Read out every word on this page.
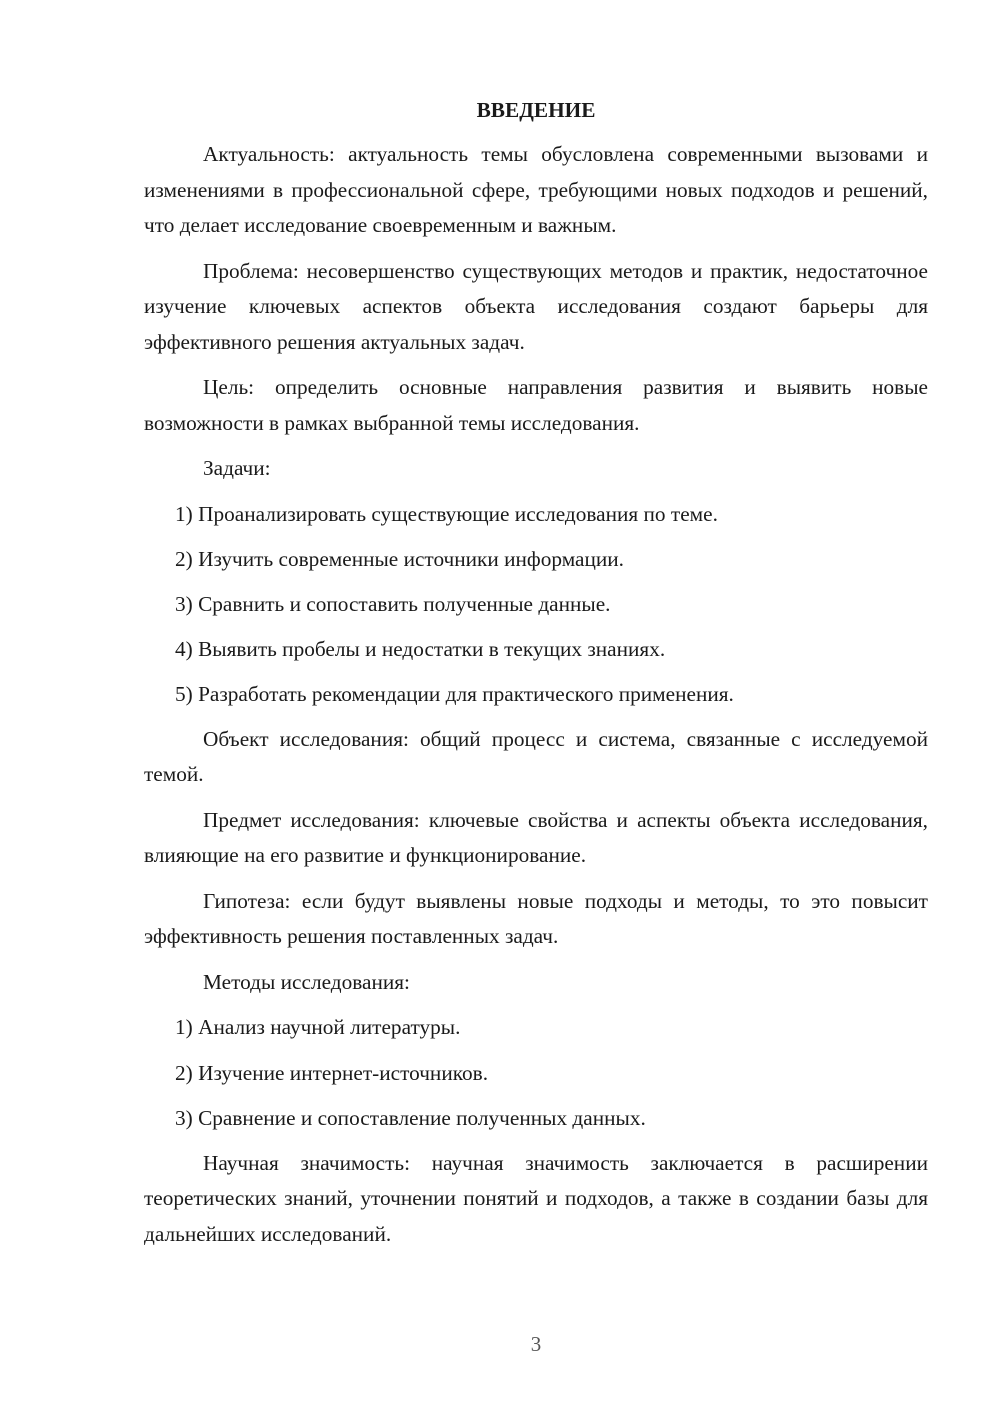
ВВЕДЕНИЕ

Актуальность: актуальность темы обусловлена современными вызовами и изменениями в профессиональной сфере, требующими новых подходов и решений, что делает исследование своевременным и важным.

Проблема: несовершенство существующих методов и практик, недостаточное изучение ключевых аспектов объекта исследования создают барьеры для эффективного решения актуальных задач.

Цель: определить основные направления развития и выявить новые возможности в рамках выбранной темы исследования.

Задачи:

1) Проанализировать существующие исследования по теме.

2) Изучить современные источники информации.

3) Сравнить и сопоставить полученные данные.

4) Выявить пробелы и недостатки в текущих знаниях.

5) Разработать рекомендации для практического применения.

Объект исследования: общий процесс и система, связанные с исследуемой темой.

Предмет исследования: ключевые свойства и аспекты объекта исследования, влияющие на его развитие и функционирование.

Гипотеза: если будут выявлены новые подходы и методы, то это повысит эффективность решения поставленных задач.

Методы исследования:

1) Анализ научной литературы.

2) Изучение интернет-источников.

3) Сравнение и сопоставление полученных данных.

Научная значимость: научная значимость заключается в расширении теоретических знаний, уточнении понятий и подходов, а также в создании базы для дальнейших исследований.

3
